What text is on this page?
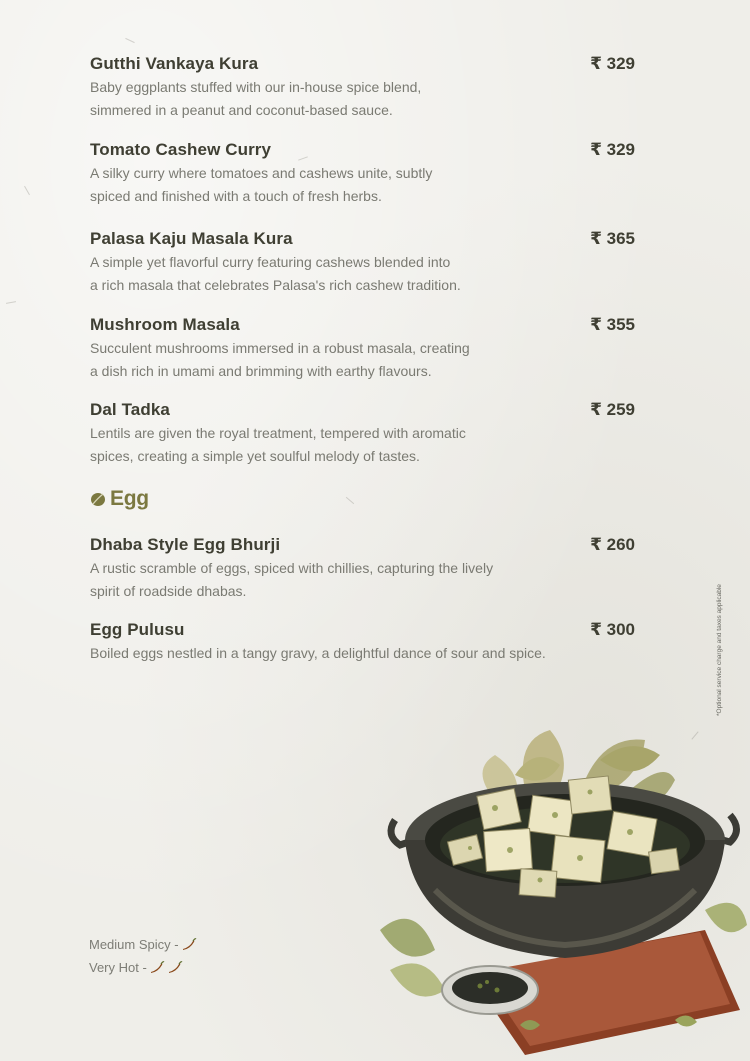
Gutthi Vankaya Kura	₹ 329
Baby eggplants stuffed with our in-house spice blend,
simmered in a peanut and coconut-based sauce.
Tomato Cashew Curry	₹ 329
A silky curry where tomatoes and cashews unite, subtly
spiced and finished with a touch of fresh herbs.
Palasa Kaju Masala Kura	₹ 365
A simple yet flavorful curry featuring cashews blended into
a rich masala that celebrates Palasa's rich cashew tradition.
Mushroom Masala	₹ 355
Succulent mushrooms immersed in a robust masala, creating
a dish rich in umami and brimming with earthy flavours.
Dal Tadka	₹ 259
Lentils are given the royal treatment, tempered with aromatic
spices, creating a simple yet soulful melody of tastes.
Egg
Dhaba Style Egg Bhurji	₹ 260
A rustic scramble of eggs, spiced with chillies, capturing the lively
spirit of roadside dhabas.
Egg Pulusu	₹ 300
Boiled eggs nestled in a tangy gravy, a delightful dance of sour and spice.	*Optional service charge and taxes applicable
Medium Spicy -
Very Hot -
